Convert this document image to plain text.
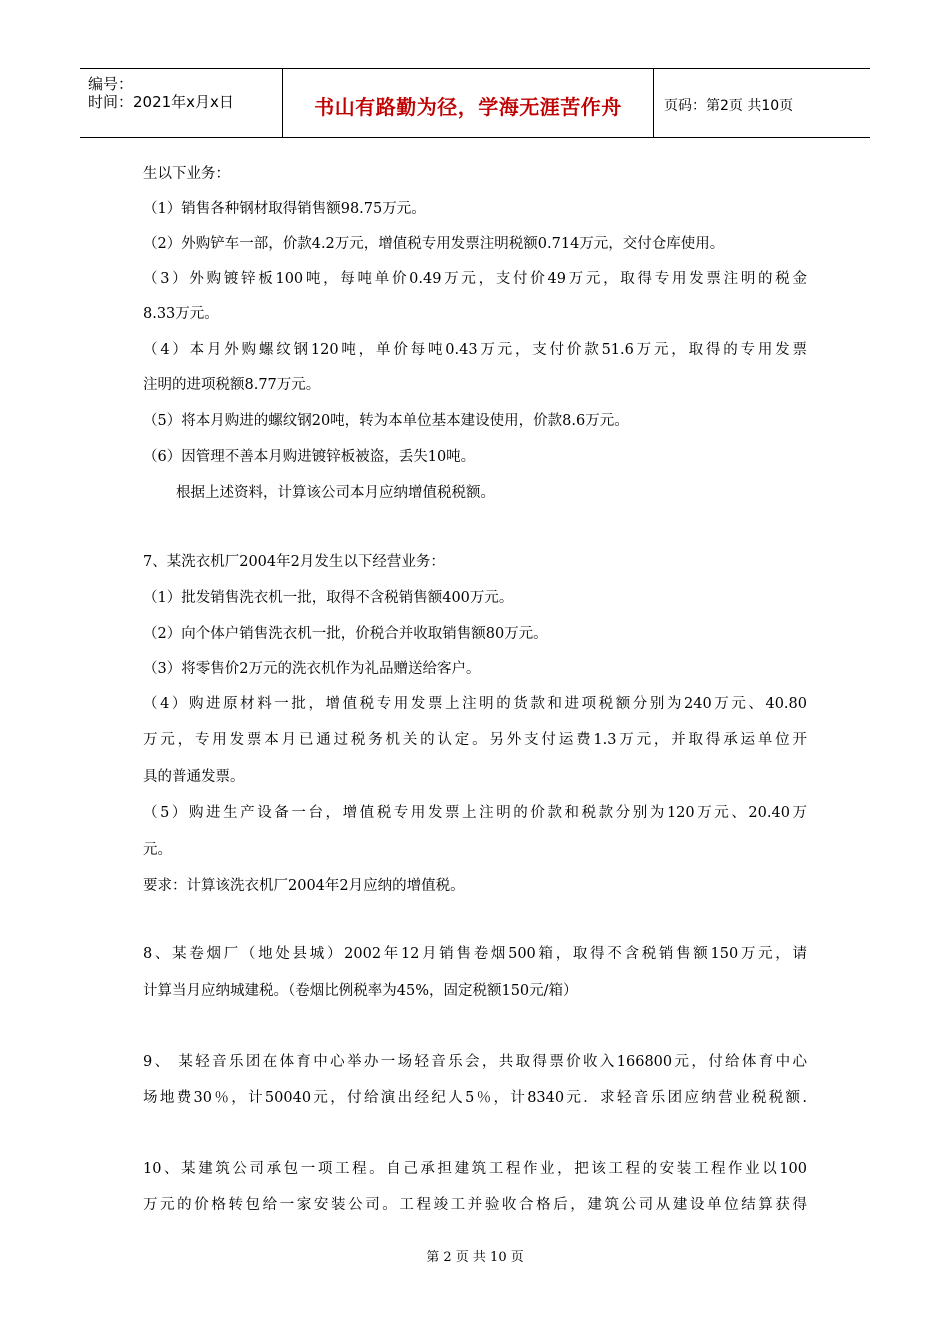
编号：
时间：2021年x月x日	书山有路勤为径，学海无涯苦作舟	页码：第2页 共10页
生以下业务：
（1）销售各种钢材取得销售额98.75万元。
（2）外购铲车一部，价款4.2万元，增值税专用发票注明税额0.714万元，交付仓库使用。
（3）外购镀锌板100吨，每吨单价0.49万元，支付价49万元，取得专用发票注明的税金
8.33万元。
（4）本月外购螺纹钢120吨，单价每吨0.43万元，支付价款51.6万元，取得的专用发票
注明的进项税额8.77万元。
（5）将本月购进的螺纹钢20吨，转为本单位基本建设使用，价款8.6万元。
（6）因管理不善本月购进镀锌板被盗，丢失10吨。
根据上述资料，计算该公司本月应纳增值税税额。
7、某洗衣机厂2004年2月发生以下经营业务：
（1）批发销售洗衣机一批，取得不含税销售额400万元。
（2）向个体户销售洗衣机一批，价税合并收取销售额80万元。
（3）将零售价2万元的洗衣机作为礼品赠送给客户。
（4）购进原材料一批，增值税专用发票上注明的货款和进项税额分别为240万元、40.80
万元，专用发票本月已通过税务机关的认定。另外支付运费1.3万元，并取得承运单位开
具的普通发票。
（5）购进生产设备一台，增值税专用发票上注明的价款和税款分别为120万元、20.40万
元。
要求：计算该洗衣机厂2004年2月应纳的增值税。
8、某卷烟厂（地处县城）2002年12月销售卷烟500箱，取得不含税销售额150万元，请
计算当月应纳城建税。（卷烟比例税率为45%，固定税额150元/箱）
9、 某轻音乐团在体育中心举办一场轻音乐会，共取得票价收入166800元，付给体育中心
场地费30％，计50040元，付给演出经纪人5％，计8340元．求轻音乐团应纳营业税税额.
10、某建筑公司承包一项工程。自己承担建筑工程作业，把该工程的安装工程作业以100
万元的价格转包给一家安装公司。工程竣工并验收合格后，建筑公司从建设单位结算获得
第 2 页 共 10 页
